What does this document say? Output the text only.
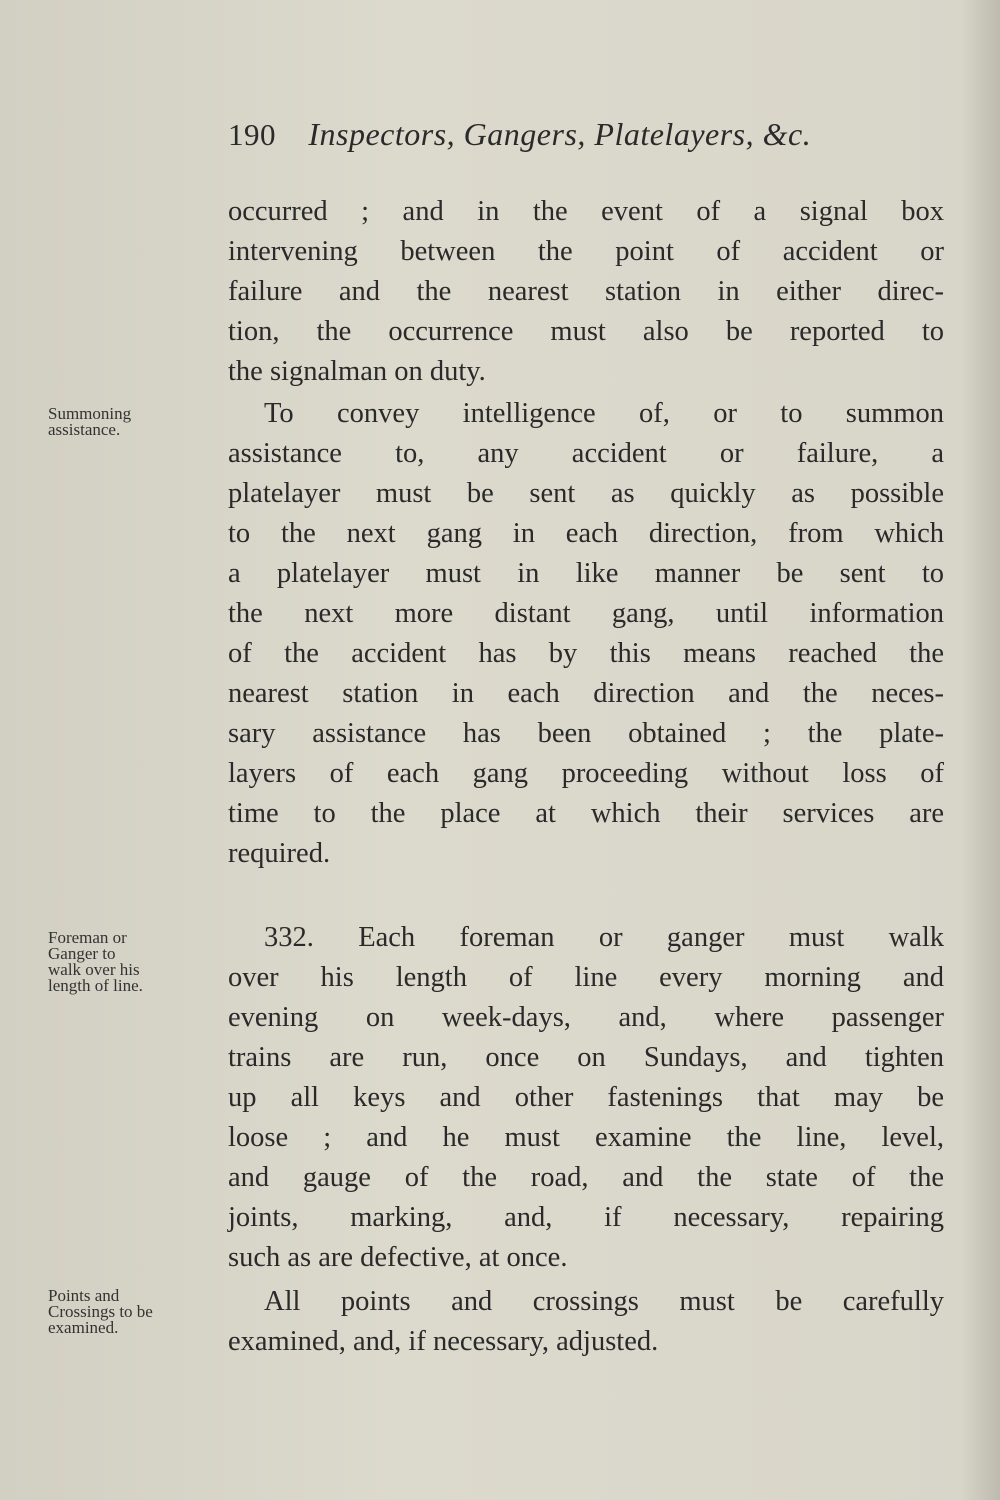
190 Inspectors, Gangers, Platelayers, &c.
occurred ; and in the event of a signal box
intervening between the point of accident or
failure and the nearest station in either direc-
tion, the occurrence must also be reported to
the signalman on duty.
Summoning
assistance.
To convey intelligence of, or to summon
assistance to, any accident or failure, a
platelayer must be sent as quickly as possible
to the next gang in each direction, from which
a platelayer must in like manner be sent to
the next more distant gang, until information
of the accident has by this means reached the
nearest station in each direction and the neces-
sary assistance has been obtained ; the plate-
layers of each gang proceeding without loss of
time to the place at which their services are
required.
Foreman or
Ganger to
walk over his
length of line.
332. Each foreman or ganger must walk
over his length of line every morning and
evening on week-days, and, where passenger
trains are run, once on Sundays, and tighten
up all keys and other fastenings that may be
loose ; and he must examine the line, level,
and gauge of the road, and the state of the
joints, marking, and, if necessary, repairing
such as are defective, at once.
Points and
Crossings to be
examined.
All points and crossings must be carefully
examined, and, if necessary, adjusted.
